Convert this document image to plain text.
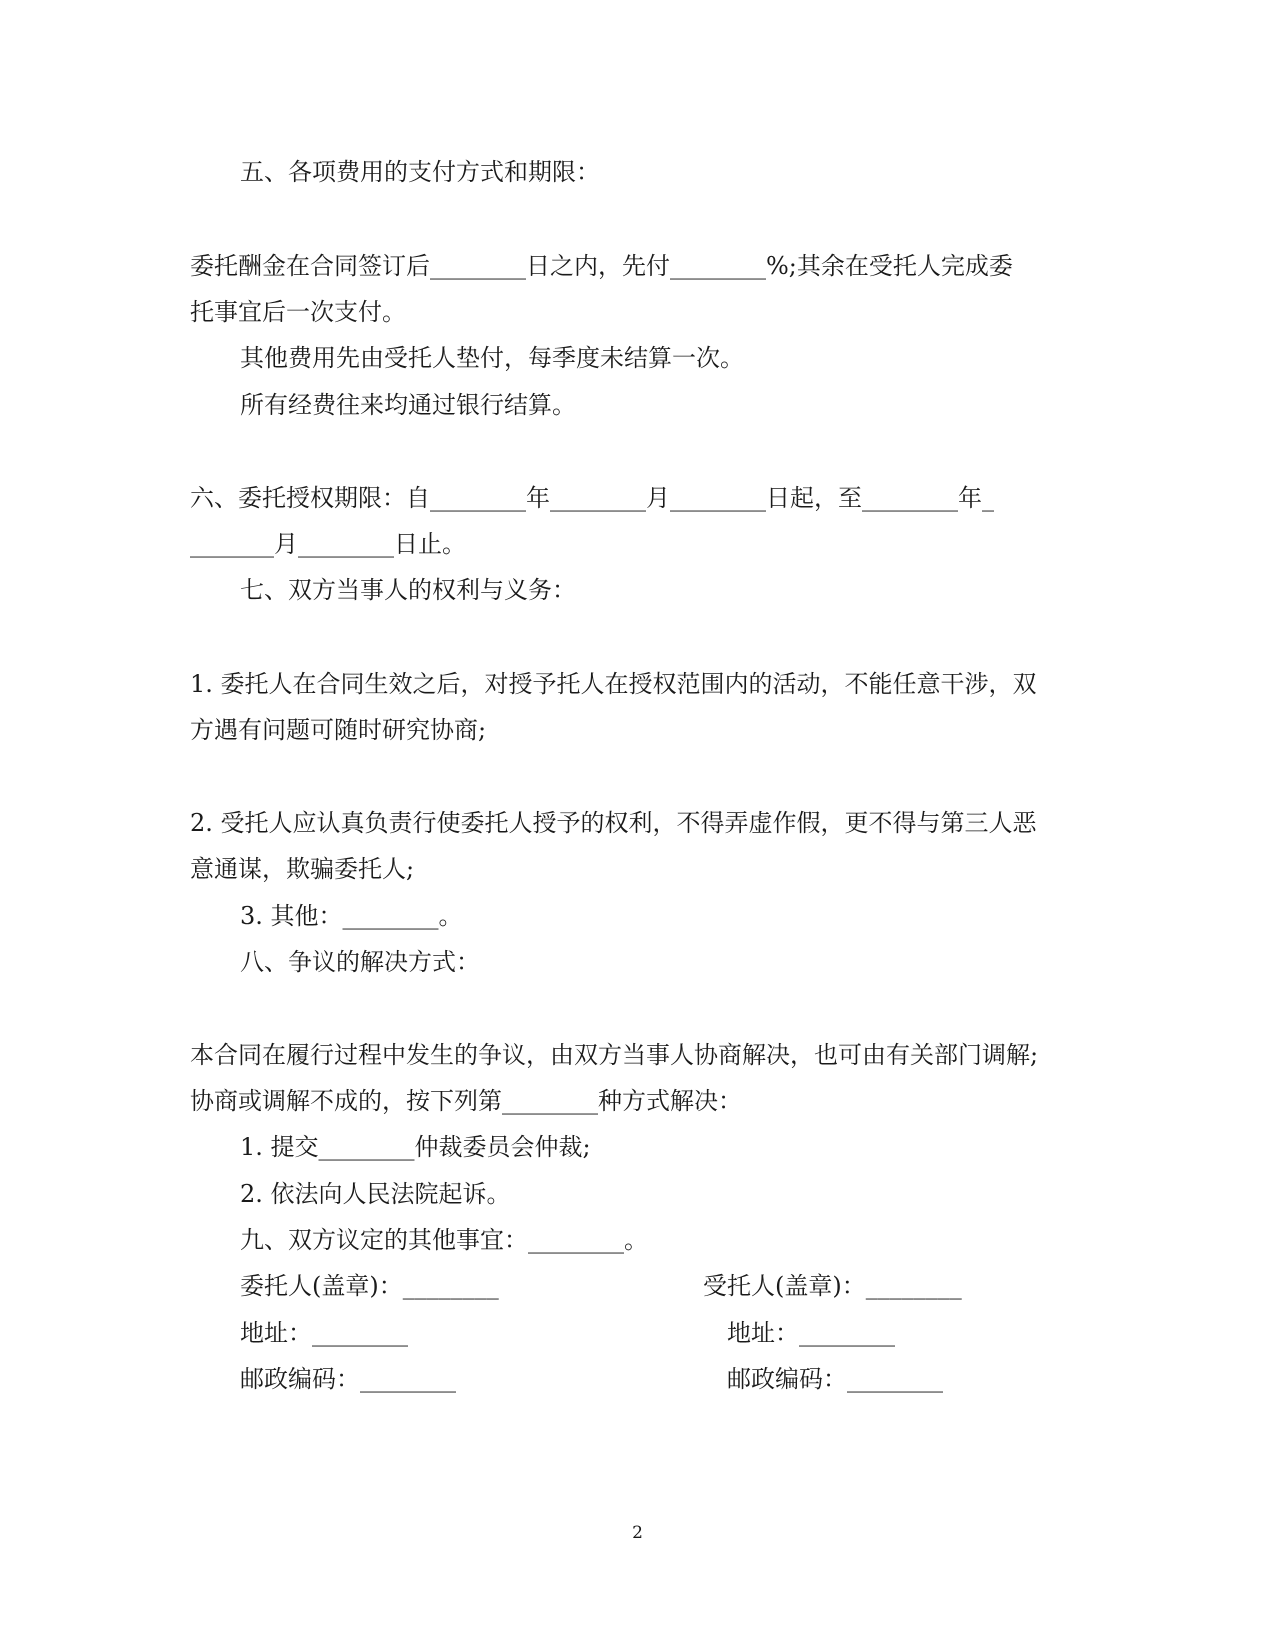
五、各项费用的支付方式和期限：

委托酬金在合同签订后________日之内，先付________%;其余在受托人完成委

托事宜后一次支付。

其他费用先由受托人垫付，每季度未结算一次。

所有经费往来均通过银行结算。

六、委托授权期限：自________年________月________日起，至________年_

_______月________日止。

七、双方当事人的权利与义务：

1. 委托人在合同生效之后，对授予托人在授权范围内的活动，不能任意干涉，双

方遇有问题可随时研究协商;

2. 受托人应认真负责行使委托人授予的权利，不得弄虚作假，更不得与第三人恶

意通谋，欺骗委托人;

3. 其他：________。

八、争议的解决方式：

本合同在履行过程中发生的争议，由双方当事人协商解决，也可由有关部门调解;

协商或调解不成的，按下列第________种方式解决：

1. 提交________仲裁委员会仲裁;

2. 依法向人民法院起诉。

九、双方议定的其他事宜：________。

委托人(盖章)：________	受托人(盖章)：________

地址：________	地址：________

邮政编码：________	邮政编码：________

2
